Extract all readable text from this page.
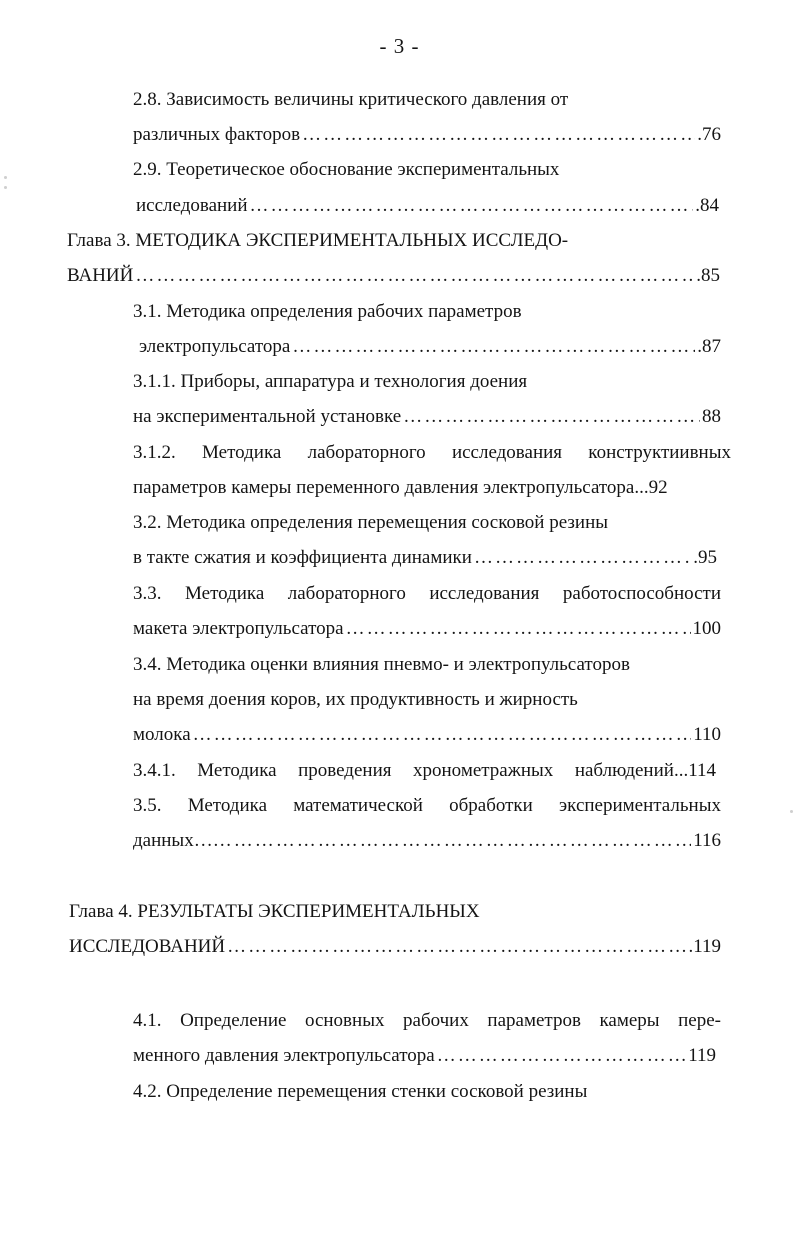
- 3 -
2.8. Зависимость величины критического давления от
различных факторов ……………………………………………………………………………………………………………………………………………………………………………………	.76
2.9. Теоретическое обоснование экспериментальных
исследований ……………………………………………………………………………………………………………………………………………………………………………………	.84
Глава 3. МЕТОДИКА ЭКСПЕРИМЕНТАЛЬНЫХ ИССЛЕДО-
ВАНИЙ ……………………………………………………………………………………………………………………………………………………………………………………	.85
3.1. Методика определения рабочих параметров
электропульсатора ……………………………………………………………………………………………………………………………………………………………………………………	.87
3.1.1. Приборы, аппаратура и технология доения
на экспериментальной установке ……………………………………………………………………………………………………………………………………………………………………………………	88
3.1.2. Методика лабораторного исследования конструктиивных
параметров камеры переменного давления электропульсатора...92
3.2. Методика определения перемещения сосковой резины
в такте сжатия и коэффициента динамики ……………………………………………………………………………………………………………………………………………………………………………………	.95
3.3. Методика лабораторного исследования работоспособности
макета электропульсатора ……………………………………………………………………………………………………………………………………………………………………………………	100
3.4. Методика оценки влияния пневмо- и электропульсаторов
на время доения коров, их продуктивность и жирность
молока ……………………………………………………………………………………………………………………………………………………………………………………	110
3.4.1. Методика проведения хронометражных наблюдений...114
3.5. Методика математической обработки экспериментальных
данных…… ……………………………………………………………………………………………………………………………………………………………………………………	116
Глава 4. РЕЗУЛЬТАТЫ ЭКСПЕРИМЕНТАЛЬНЫХ
ИССЛЕДОВАНИЙ ……………………………………………………………………………………………………………………………………………………………………………………	.119
4.1. Определение основных рабочих параметров камеры пере-
менного давления электропульсатора ……………………………………………………………………………………………………………………………………………………………………………………	119
4.2. Определение перемещения стенки сосковой резины
